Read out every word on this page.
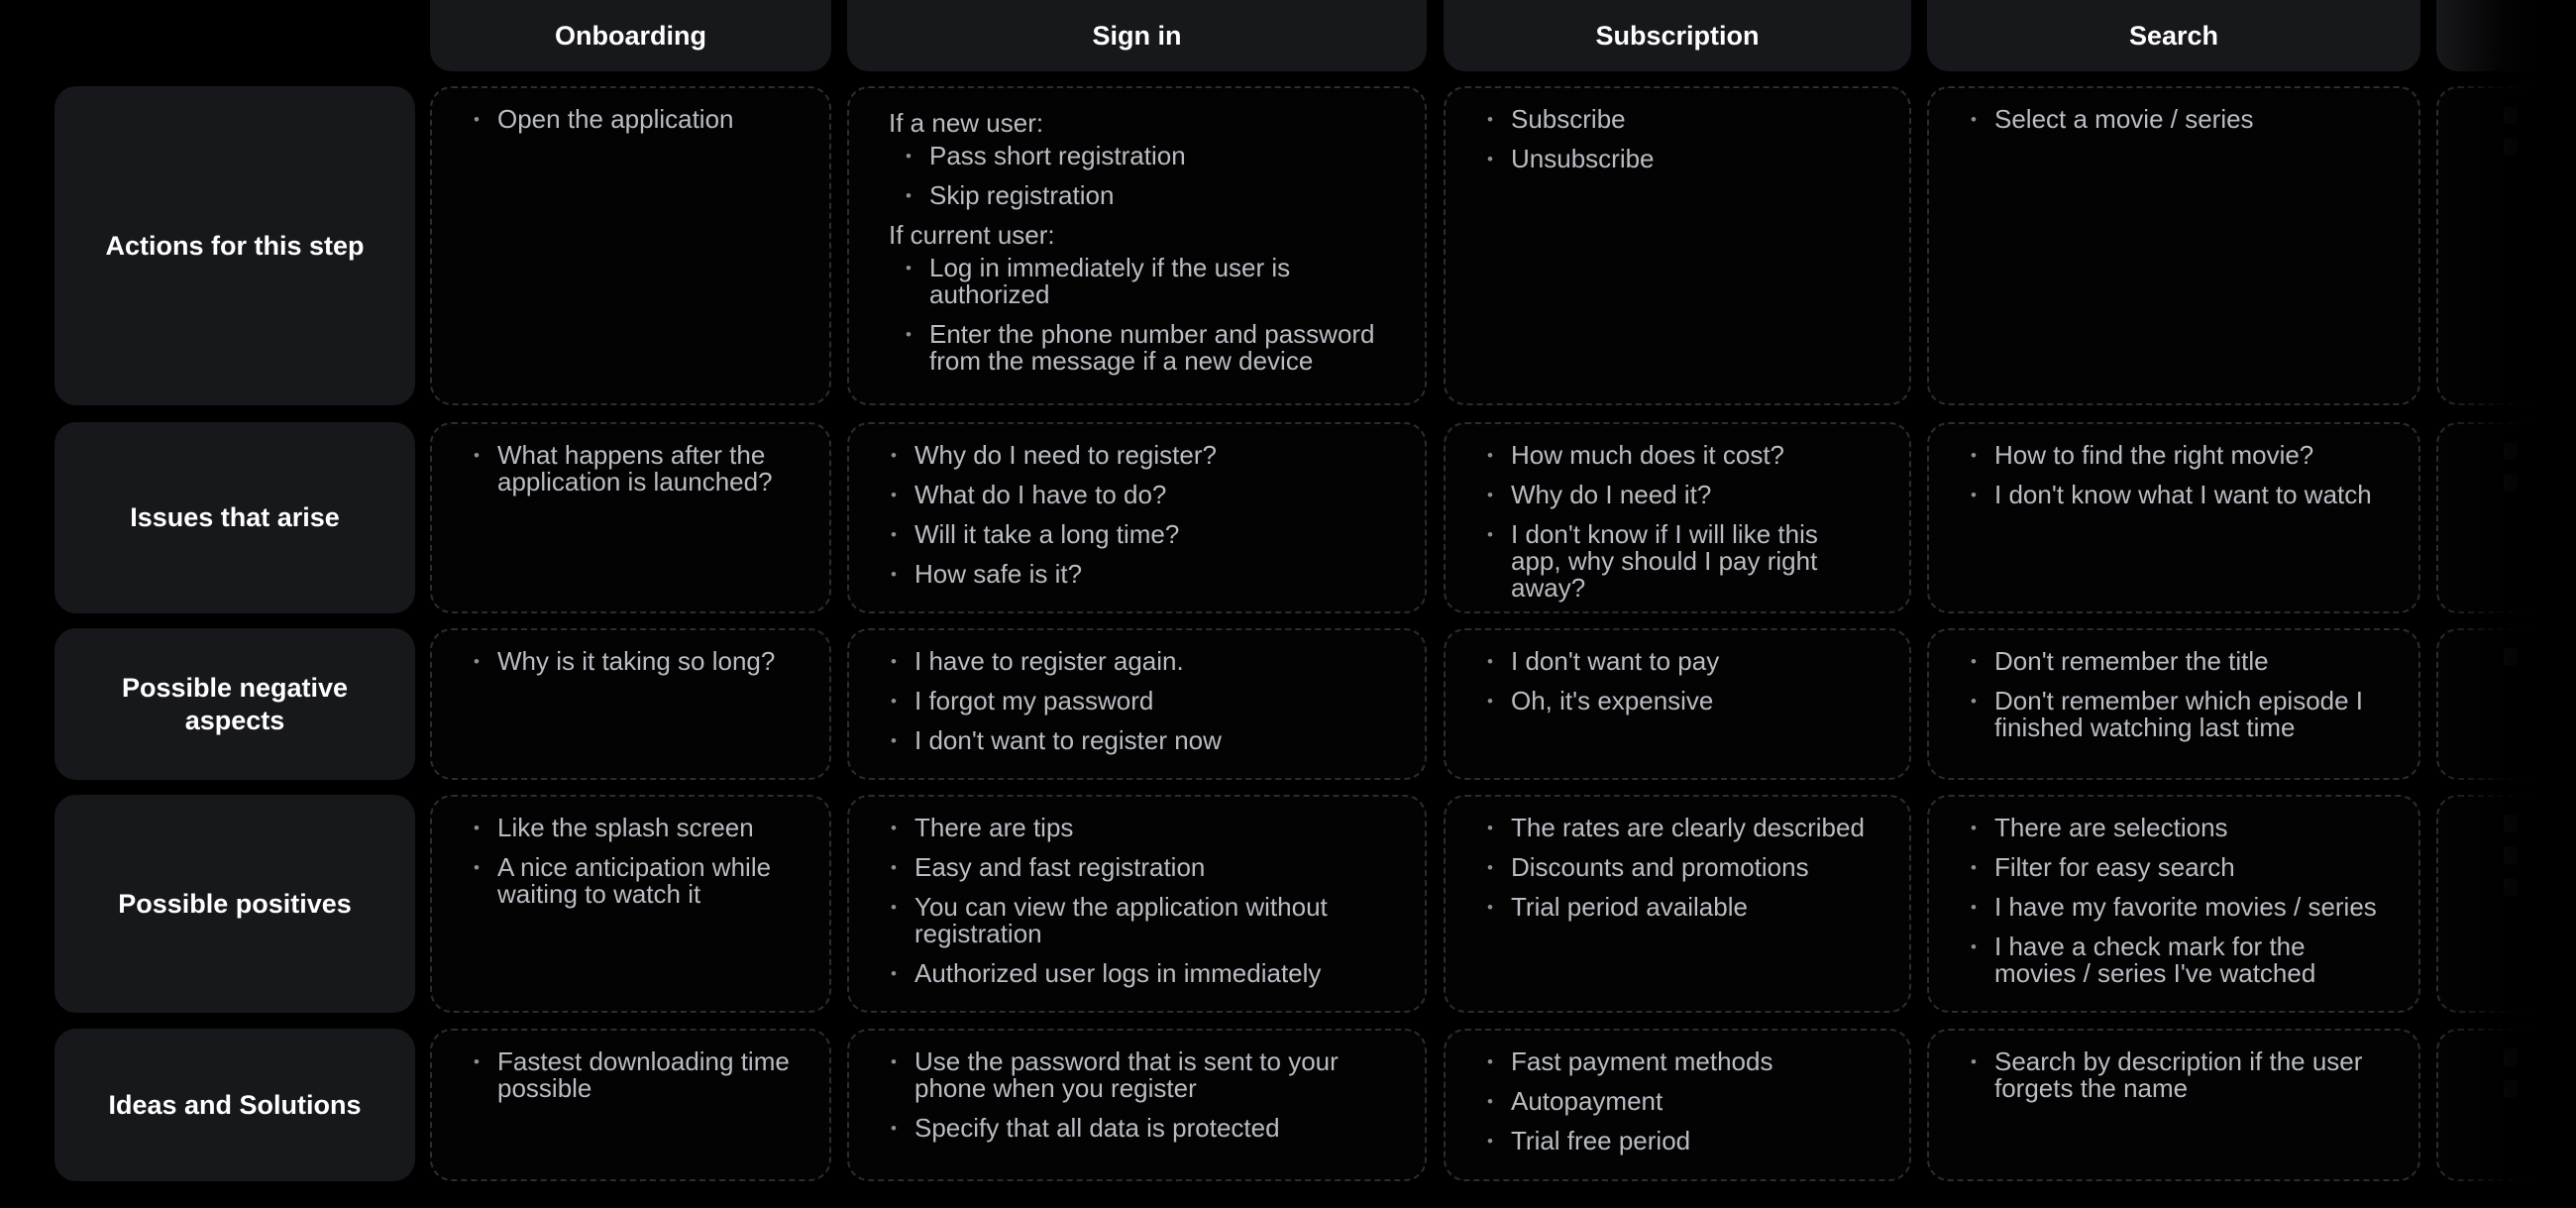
Onboarding	Sign in	Subscription	Search
Actions for this step
Issues that arise
Possible negative aspects
Possible positives
Ideas and Solutions
• Open the application	If a new user:
• Pass short registration
• Skip registration
If current user:
• Log in immediately if the user is authorized
• Enter the phone number and password from the message if a new device
• Subscribe
• Unsubscribe
• Select a movie / series
• What happens after the application is launched?
• Why do I need to register?
• What do I have to do?
• Will it take a long time?
• How safe is it?
• How much does it cost?
• Why do I need it?
• I don't know if I will like this app, why should I pay right away?
• How to find the right movie?
• I don't know what I want to watch
• Why is it taking so long?
•	I have to register again.
• I forgot my password
• I don't want to register now
• I don't want to pay
• Oh, it's expensive
• Don't remember the title
• Don't remember which episode I finished watching last time
• Like the splash screen
• A nice anticipation while waiting to watch it
• There are tips
• Easy and fast registration
• You can view the application without registration
• Authorized user logs in immediately
• The rates are clearly described
• Discounts and promotions
• Trial period available
• There are selections
• Filter for easy search
• I have my favorite movies / series
• I have a check mark for the movies / series I've watched
• Fastest downloading time possible
• Use the password that is sent to your phone when you register
• Specify that all data is protected
• Fast payment methods
• Autopayment
• Trial free period
• Search by description if the user forgets the name
